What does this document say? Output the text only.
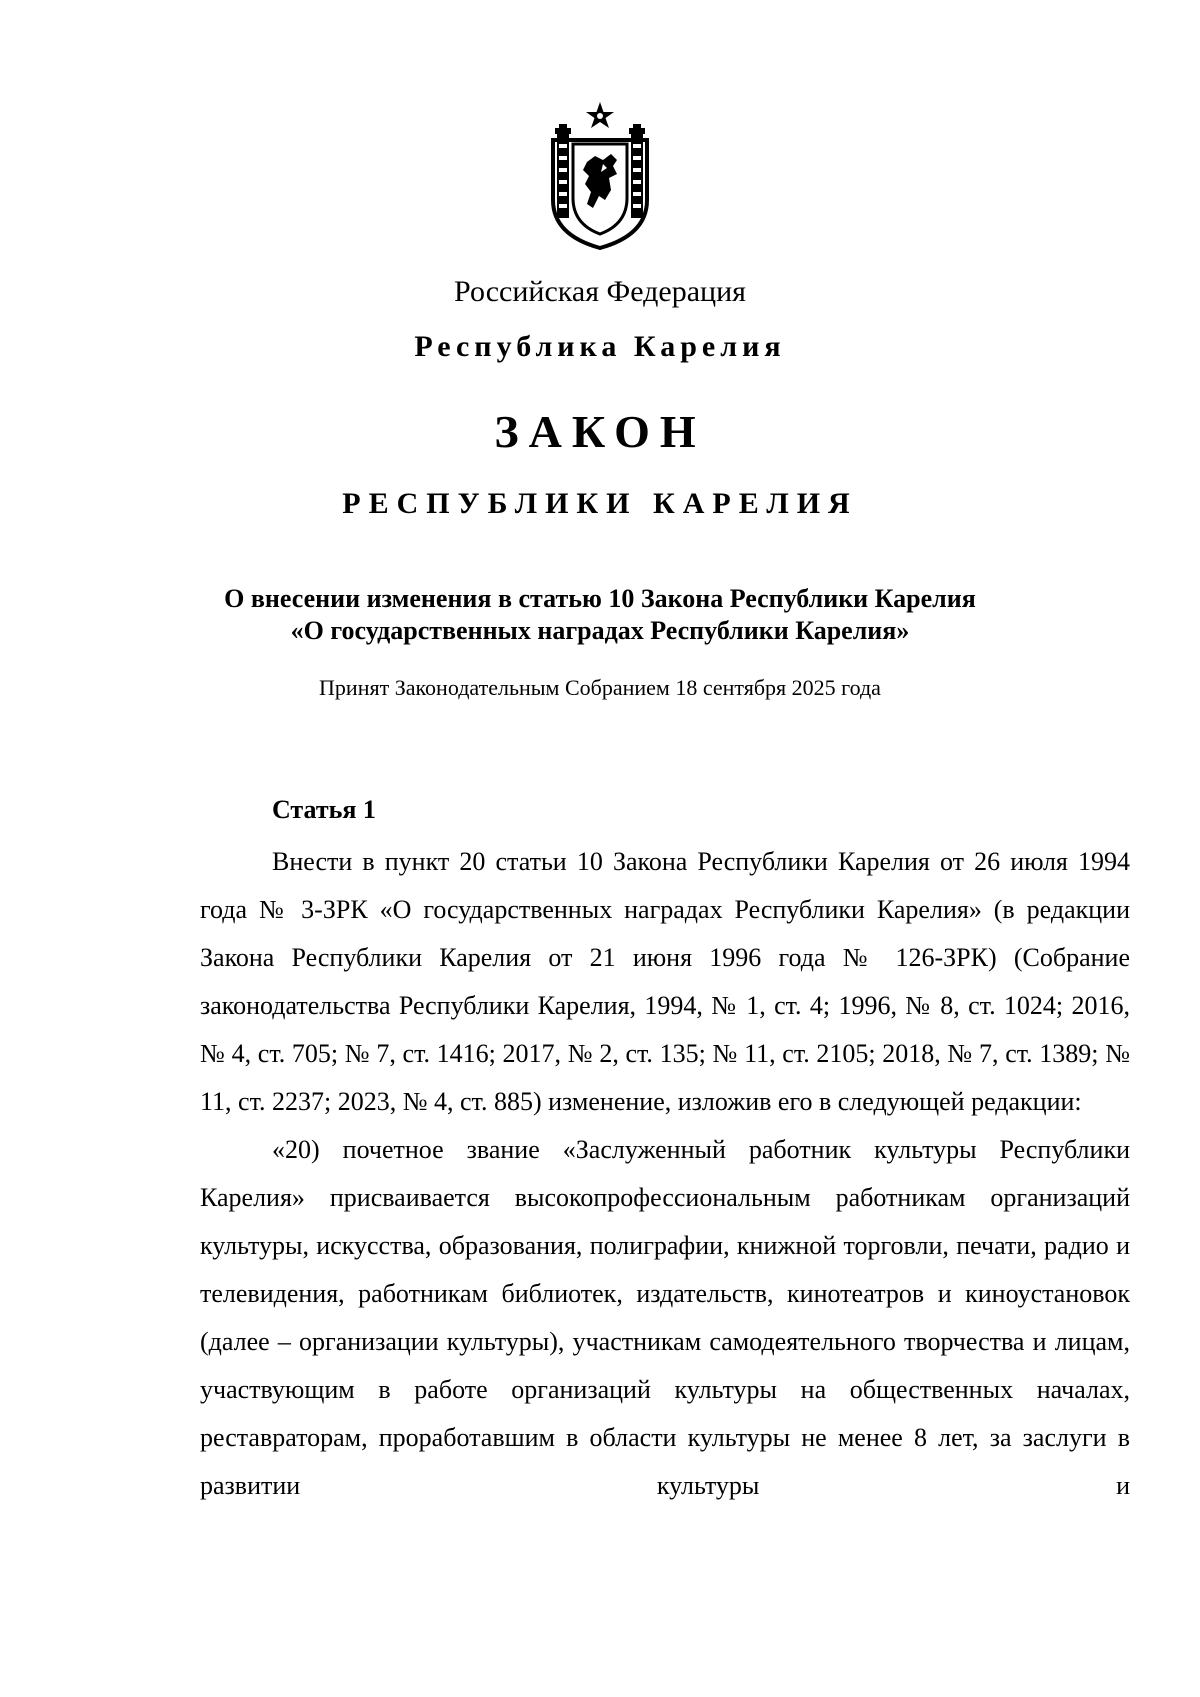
Российская Федерация
Республика Карелия
ЗАКОН
РЕСПУБЛИКИ КАРЕЛИЯ
О внесении изменения в статью 10 Закона Республики Карелия
«О государственных наградах Республики Карелия»
Принят Законодательным Собранием 18 сентября 2025 года
Статья 1

Внести в пункт 20 статьи 10 Закона Республики Карелия от 26 июля 1994 года № 3-ЗРК «О государственных наградах Республики Карелия» (в редакции Закона Республики Карелия от 21 июня 1996 года № 126-ЗРК) (Собрание законодательства Республики Карелия, 1994, № 1, ст. 4; 1996, № 8, ст. 1024; 2016, № 4, ст. 705; № 7, ст. 1416; 2017, № 2, ст. 135; № 11, ст. 2105; 2018, № 7, ст. 1389; № 11, ст. 2237; 2023, № 4, ст. 885) изменение, изложив его в следующей редакции:

«20) почетное звание «Заслуженный работник культуры Республики Карелия» присваивается высокопрофессиональным работникам организаций культуры, искусства, образования, полиграфии, книжной торговли, печати, радио и телевидения, работникам библиотек, издательств, кинотеатров и киноустановок (далее – организации культуры), участникам самодеятельного творчества и лицам, участвующим в работе организаций культуры на общественных началах, реставраторам, проработавшим в области культуры не менее 8 лет, за заслуги в развитии культуры и
